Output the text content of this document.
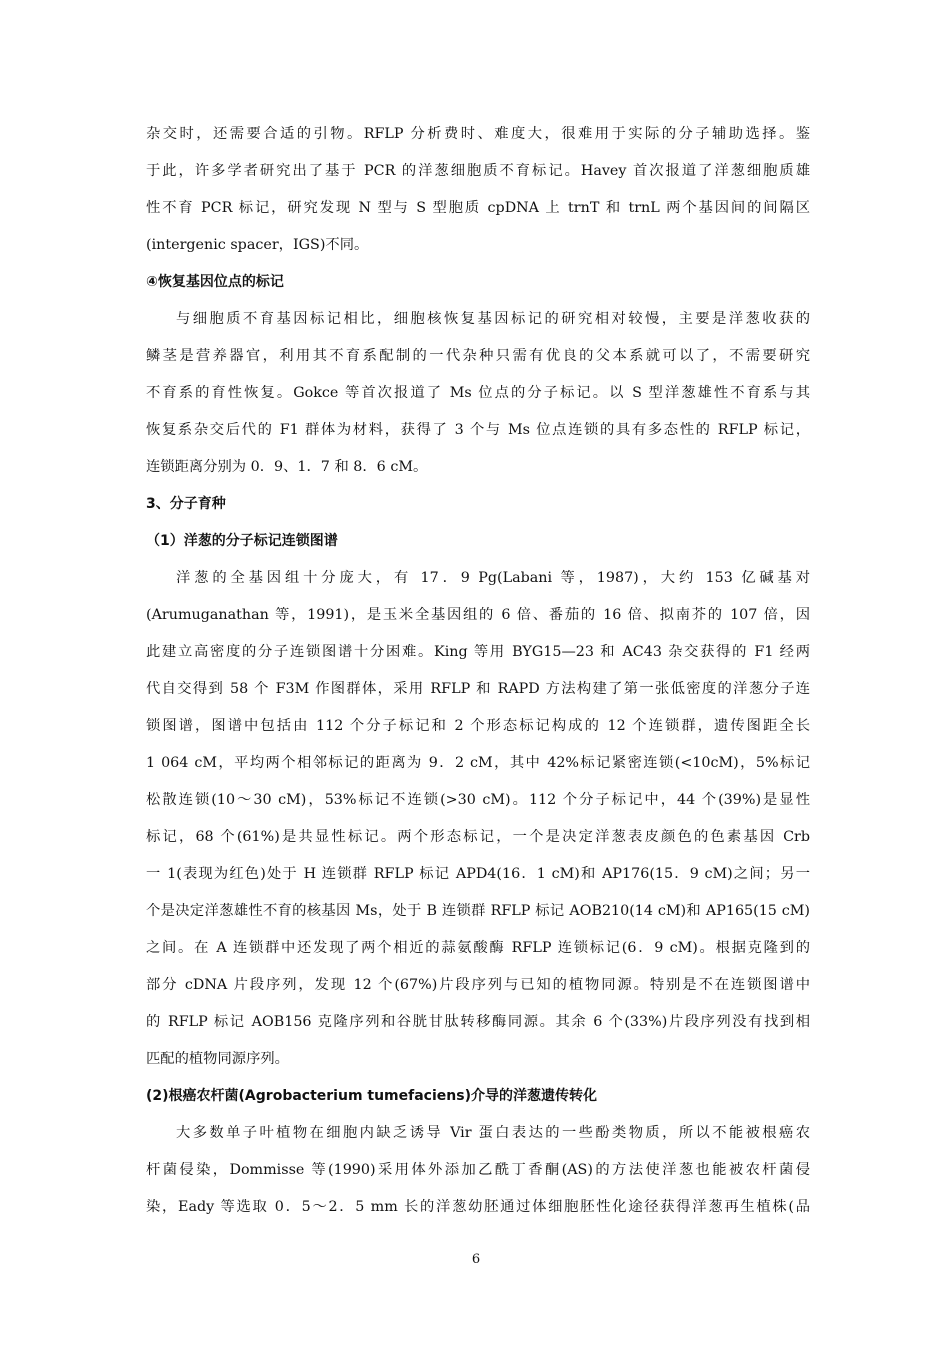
杂交时，还需要合适的引物。RFLP 分析费时、难度大，很难用于实际的分子辅助选择。鉴
于此，许多学者研究出了基于 PCR 的洋葱细胞质不育标记。Havey 首次报道了洋葱细胞质雄
性不育 PCR 标记，研究发现 N 型与 S 型胞质 cpDNA 上 trnT 和 trnL 两个基因间的间隔区
(intergenic spacer，IGS)不同。
④恢复基因位点的标记
与细胞质不育基因标记相比，细胞核恢复基因标记的研究相对较慢，主要是洋葱收获的
鳞茎是营养器官，利用其不育系配制的一代杂种只需有优良的父本系就可以了，不需要研究
不育系的育性恢复。Gokce 等首次报道了 Ms 位点的分子标记。以 S 型洋葱雄性不育系与其
恢复系杂交后代的 F1 群体为材料，获得了 3 个与 Ms 位点连锁的具有多态性的 RFLP 标记，
连锁距离分别为 0．9、1．7 和 8．6 cM。
3、分子育种
（1）洋葱的分子标记连锁图谱
洋葱的全基因组十分庞大，有 17．9 Pg(Labani 等，1987)，大约 153 亿碱基对
(Arumuganathan 等，1991)，是玉米全基因组的 6 倍、番茄的 16 倍、拟南芥的 107 倍，因
此建立高密度的分子连锁图谱十分困难。King 等用 BYG15—23 和 AC43 杂交获得的 F1 经两
代自交得到 58 个 F3M 作图群体，采用 RFLP 和 RAPD 方法构建了第一张低密度的洋葱分子连
锁图谱，图谱中包括由 112 个分子标记和 2 个形态标记构成的 12 个连锁群，遗传图距全长
1 064 cM，平均两个相邻标记的距离为 9．2 cM，其中 42%标记紧密连锁(<10cM)，5%标记
松散连锁(10～30 cM)，53%标记不连锁(>30 cM)。112 个分子标记中，44 个(39%)是显性
标记，68 个(61%)是共显性标记。两个形态标记，一个是决定洋葱表皮颜色的色素基因 Crb
一 1(表现为红色)处于 H 连锁群 RFLP 标记 APD4(16．1 cM)和 AP176(15．9 cM)之间；另一
个是决定洋葱雄性不育的核基因 Ms，处于 B 连锁群 RFLP 标记 AOB210(14 cM)和 AP165(15 cM)
之间。在 A 连锁群中还发现了两个相近的蒜氨酸酶 RFLP 连锁标记(6．9 cM)。根据克隆到的
部分 cDNA 片段序列，发现 12 个(67%)片段序列与已知的植物同源。特别是不在连锁图谱中
的 RFLP 标记 AOB156 克隆序列和谷胱甘肽转移酶同源。其余 6 个(33%)片段序列没有找到相
匹配的植物同源序列。
(2)根癌农杆菌(Agrobacterium tumefaciens)介导的洋葱遗传转化
大多数单子叶植物在细胞内缺乏诱导 Vir 蛋白表达的一些酚类物质，所以不能被根癌农
杆菌侵染，Dommisse 等(1990)采用体外添加乙酰丁香酮(AS)的方法使洋葱也能被农杆菌侵
染，Eady 等选取 0．5～2．5 mm 长的洋葱幼胚通过体细胞胚性化途径获得洋葱再生植株(品
6
